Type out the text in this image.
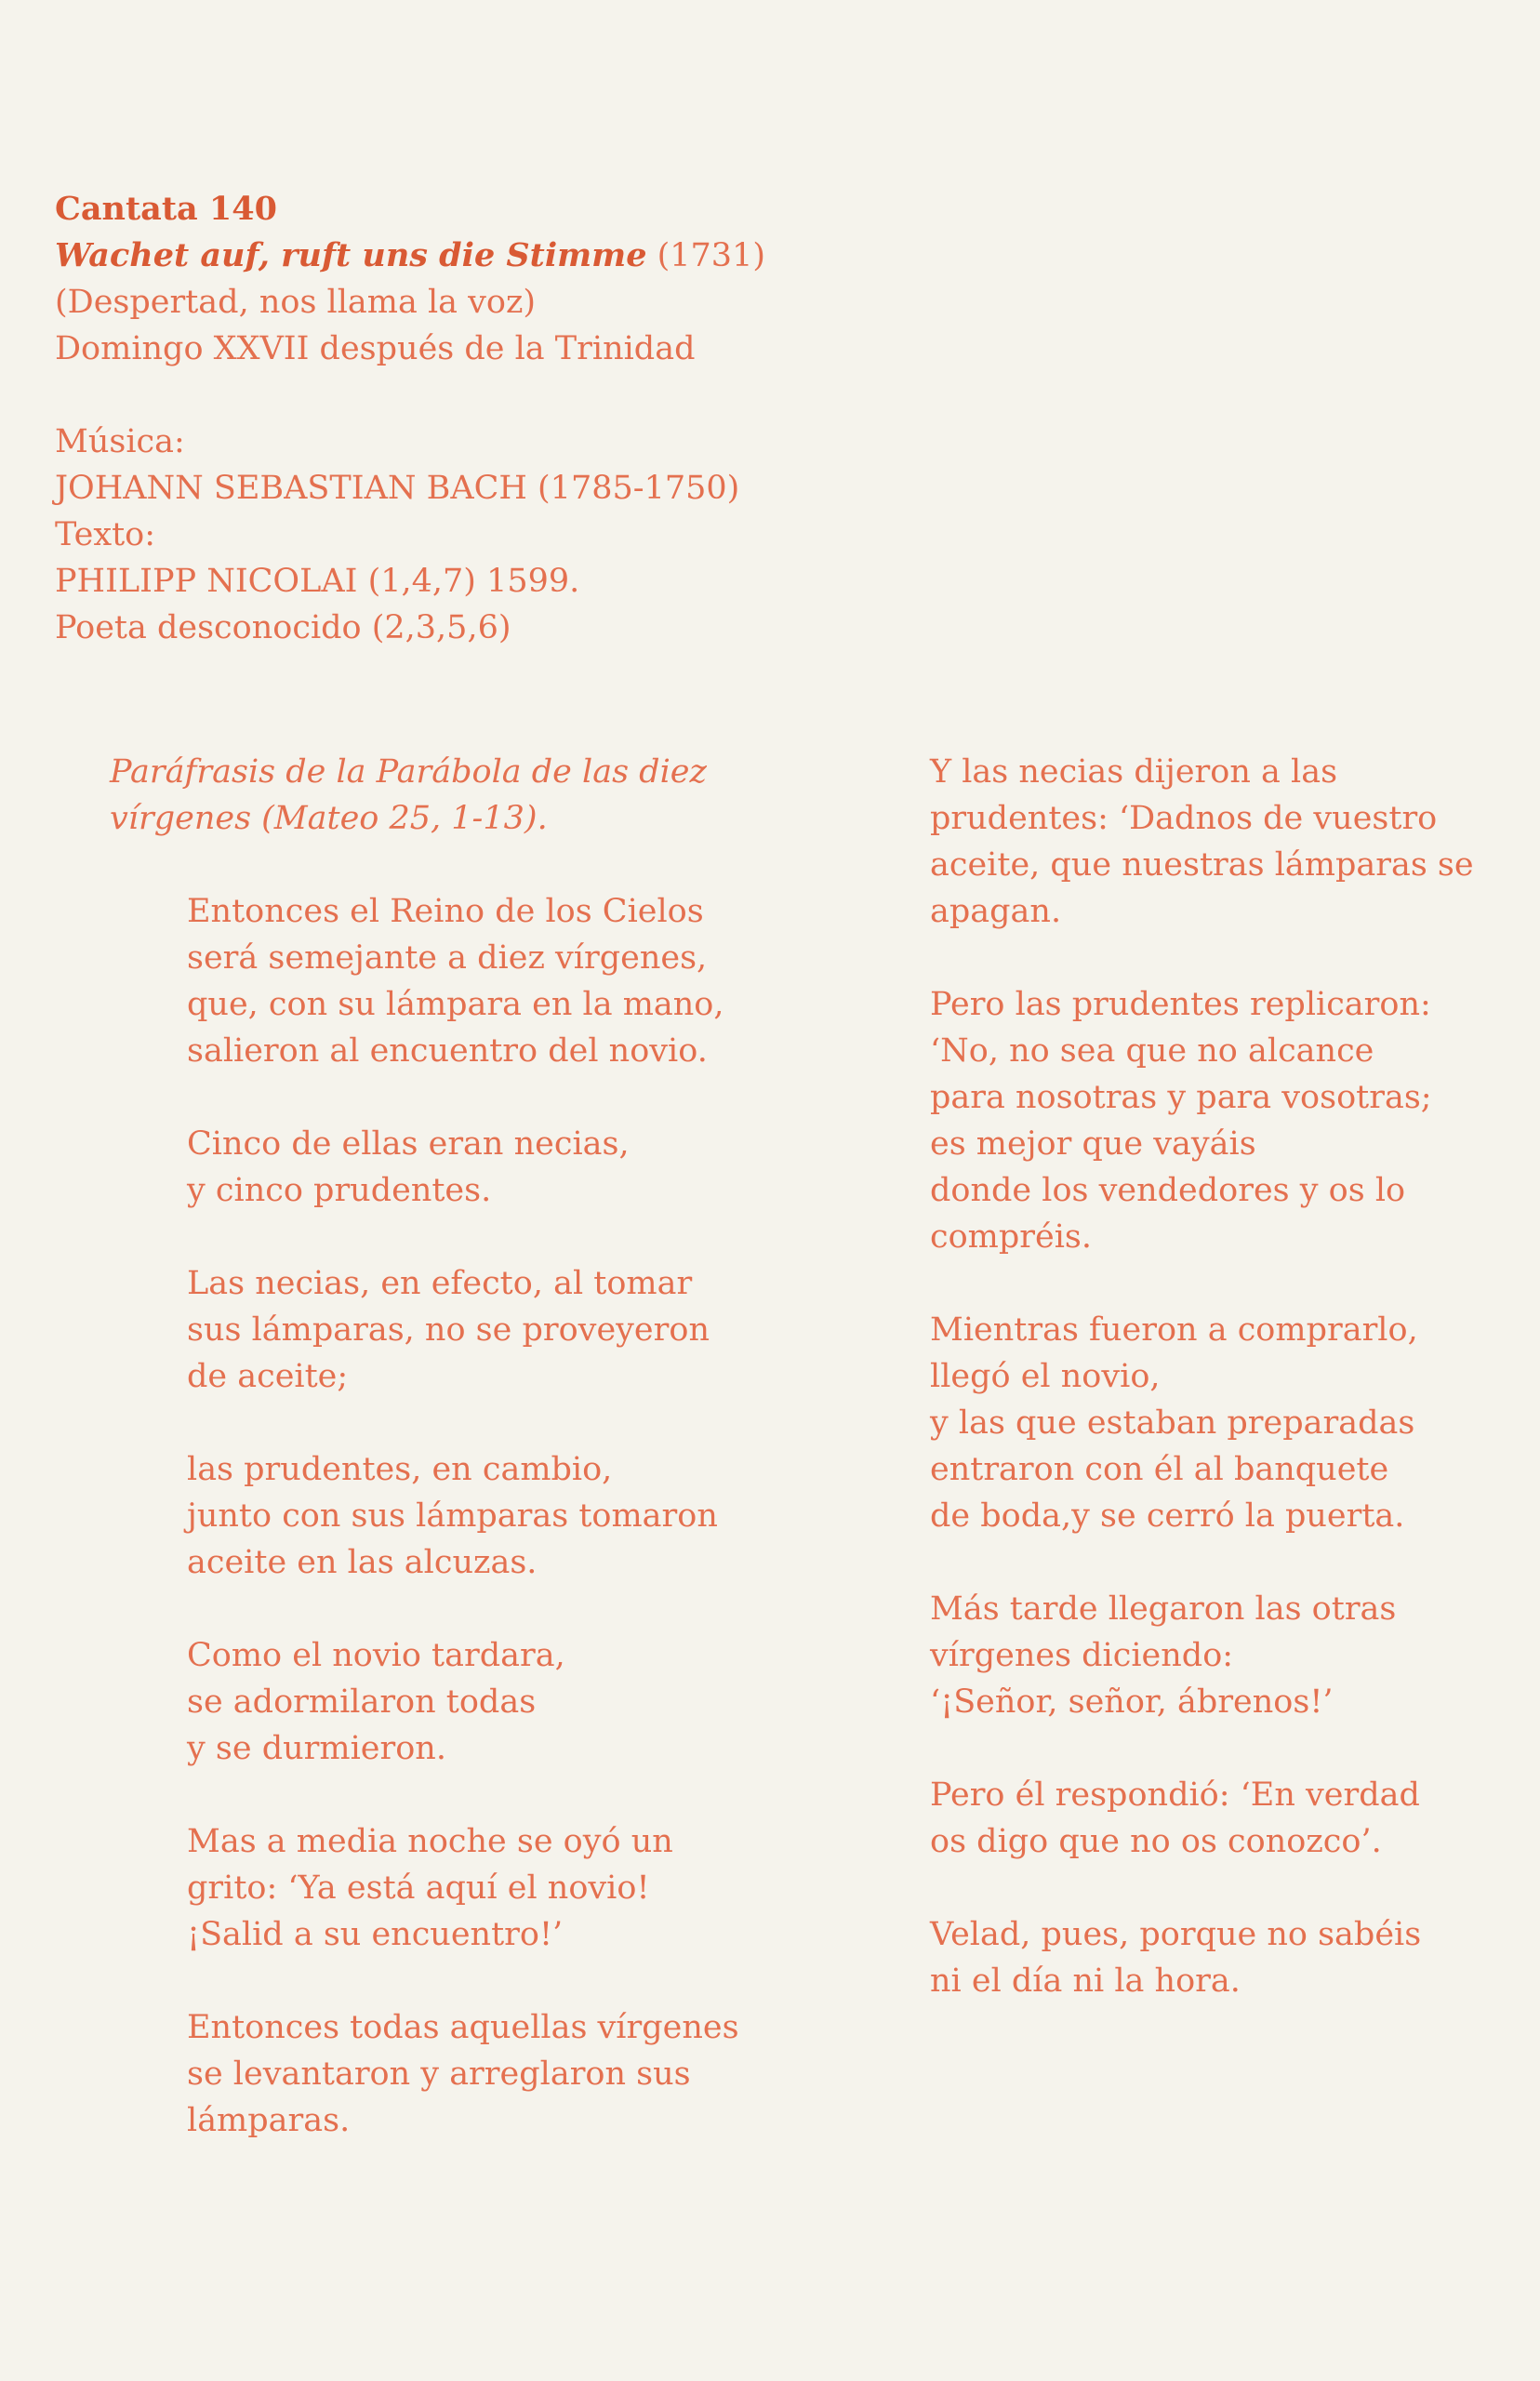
Cantata 140

Wachet auf, ruft uns die Stimme (1731)

(Despertad, nos llama la voz)

Domingo XXVII después de la Trinidad

Música:

JOHANN SEBASTIAN BACH (1785-1750)

Texto:

PHILIPP NICOLAI (1,4,7) 1599.

Poeta desconocido (2,3,5,6)

Paráfrasis de la Parábola de las diez

vírgenes (Mateo 25, 1-13).

Entonces el Reino de los Cielos

será semejante a diez vírgenes,

que, con su lámpara en la mano,

salieron al encuentro del novio.

Cinco de ellas eran necias,

y cinco prudentes.

Las necias, en efecto, al tomar

sus lámparas, no se proveyeron

de aceite;

las prudentes, en cambio,

junto con sus lámparas tomaron

aceite en las alcuzas.

Como el novio tardara,

se adormilaron todas

y se durmieron.

Mas a media noche se oyó un

grito: ‘Ya está aquí el novio!

¡Salid a su encuentro!’

Entonces todas aquellas vírgenes

se levantaron y arreglaron sus

lámparas.

Y las necias dijeron a las

prudentes: ‘Dadnos de vuestro

aceite, que nuestras lámparas se

apagan.

Pero las prudentes replicaron:

‘No, no sea que no alcance

para nosotras y para vosotras;

es mejor que vayáis

donde los vendedores y os lo

compréis.

Mientras fueron a comprarlo,

llegó el novio,

y las que estaban preparadas

entraron con él al banquete

de boda,y se cerró la puerta.

Más tarde llegaron las otras

vírgenes diciendo:

‘¡Señor, señor, ábrenos!’

Pero él respondió: ‘En verdad

os digo que no os conozco’.

Velad, pues, porque no sabéis

ni el día ni la hora.
